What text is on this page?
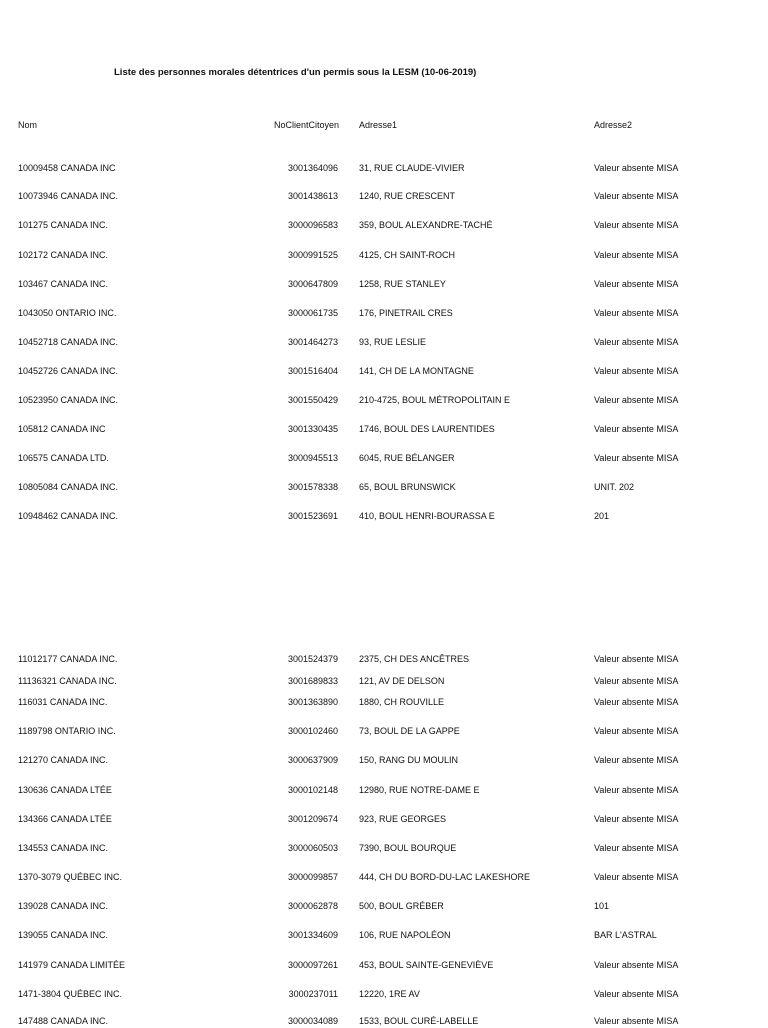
Liste des personnes morales détentrices d'un permis sous la LESM (10-06-2019)
Nom	NoClientCitoyen Adresse1	Adresse2
10009458 CANADA INC	3001364096 31, RUE CLAUDE-VIVIER	Valeur absente MISA
10073946 CANADA INC.	3001438613 1240, RUE CRESCENT	Valeur absente MISA
101275 CANADA INC.	3000096583 359, BOUL ALEXANDRE-TACHÉ	Valeur absente MISA
102172 CANADA INC.	3000991525 4125, CH SAINT-ROCH	Valeur absente MISA
103467 CANADA INC.	3000647809 1258, RUE STANLEY	Valeur absente MISA
1043050 ONTARIO INC.	3000061735 176, PINETRAIL CRES	Valeur absente MISA
10452718 CANADA INC.	3001464273 93, RUE LESLIE	Valeur absente MISA
10452726 CANADA INC.	3001516404 141, CH DE LA MONTAGNE	Valeur absente MISA
10523950 CANADA INC.	3001550429 210-4725, BOUL MÉTROPOLITAIN E	Valeur absente MISA
105812 CANADA INC	3001330435 1746, BOUL DES LAURENTIDES	Valeur absente MISA
106575 CANADA LTD.	3000945513 6045, RUE BÉLANGER	Valeur absente MISA
10805084 CANADA INC.	3001578338 65, BOUL BRUNSWICK	UNIT. 202
10948462 CANADA INC.	3001523691 410, BOUL HENRI-BOURASSA E	201
11012177 CANADA INC.	3001524379 2375, CH DES ANCÊTRES	Valeur absente MISA
11136321 CANADA INC.	3001689833 121, AV DE DELSON	Valeur absente MISA
116031 CANADA INC.	3001363890 1880, CH ROUVILLE	Valeur absente MISA
1189798 ONTARIO INC.	3000102460 73, BOUL DE LA GAPPE	Valeur absente MISA
121270 CANADA INC.	3000637909 150, RANG DU MOULIN	Valeur absente MISA
130636 CANADA LTÉE	3000102148 12980, RUE NOTRE-DAME E	Valeur absente MISA
134366 CANADA LTÉE	3001209674 923, RUE GEORGES	Valeur absente MISA
134553 CANADA INC.	3000060503 7390, BOUL BOURQUE	Valeur absente MISA
1370-3079 QUÉBEC INC.	3000099857 444, CH DU BORD-DU-LAC LAKESHORE	Valeur absente MISA
139028 CANADA INC.	3000062878 500, BOUL GRÉBER	101
139055 CANADA INC.	3001334609 106, RUE NAPOLÉON	BAR L'ASTRAL
141979 CANADA LIMITÉE	3000097261 453, BOUL SAINTE-GENEVIÈVE	Valeur absente MISA
1471-3804 QUÉBEC INC.	3000237011 12220, 1RE AV	Valeur absente MISA
147488 CANADA INC.	3000034089 1533, BOUL CURÉ-LABELLE	Valeur absente MISA
